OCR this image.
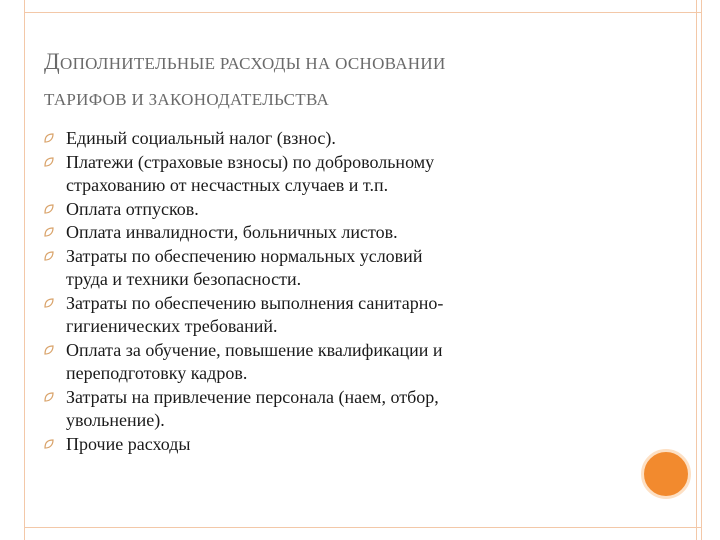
ДОПОЛНИТЕЛЬНЫЕ РАСХОДЫ НА ОСНОВАНИИ
ТАРИФОВ И ЗАКОНОДАТЕЛЬСТВА
Единый социальный налог (взнос).
Платежи (страховые взносы) по добровольному
страхованию от несчастных случаев и т.п.
Оплата отпусков.
Оплата инвалидности, больничных листов.
Затраты по обеспечению нормальных условий
труда и техники безопасности.
Затраты по обеспечению выполнения санитарно-
гигиенических требований.
Оплата за обучение, повышение квалификации и
переподготовку кадров.
Затраты на привлечение персонала (наем, отбор,
увольнение).
Прочие расходы
